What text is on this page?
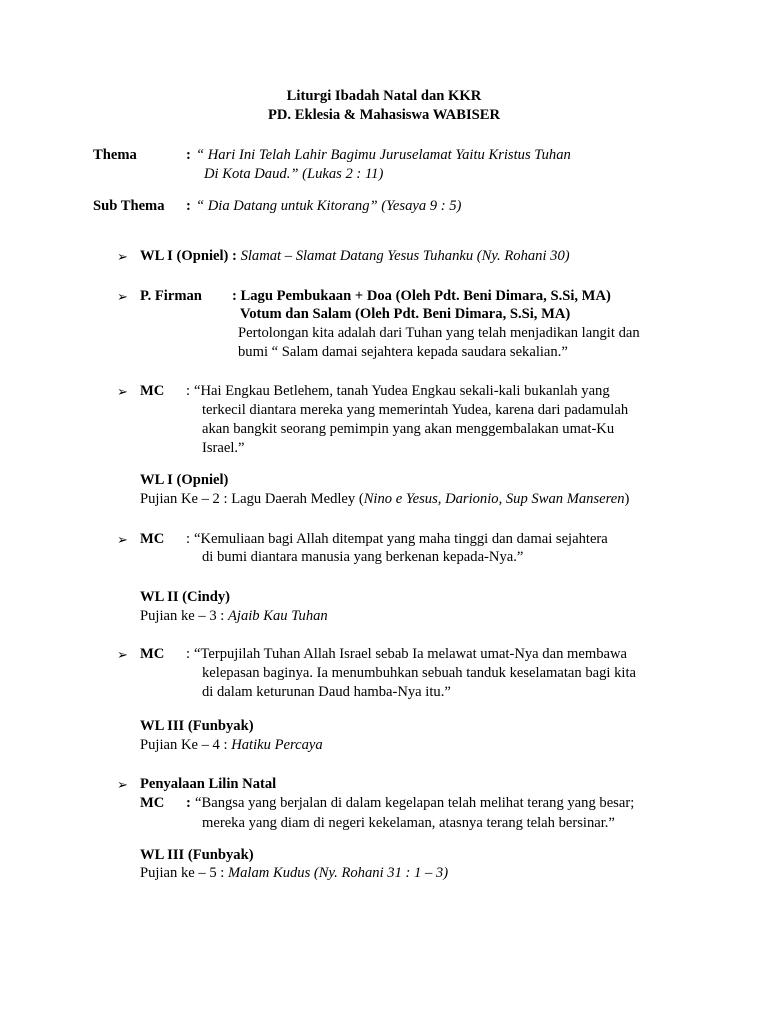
Liturgi Ibadah Natal dan KKR
PD. Eklesia & Mahasiswa WABISER
Thema	: “ Hari Ini Telah Lahir Bagimu Juruselamat Yaitu Kristus Tuhan
Di Kota Daud.” (Lukas 2 : 11)
Sub Thema : “ Dia Datang untuk Kitorang” (Yesaya 9 : 5)
➢ WL I (Opniel) : Slamat – Slamat Datang Yesus Tuhanku (Ny. Rohani 30)
➢ P. Firman : Lagu Pembukaan + Doa (Oleh Pdt. Beni Dimara, S.Si, MA)
Votum dan Salam (Oleh Pdt. Beni Dimara, S.Si, MA)
Pertolongan kita adalah dari Tuhan yang telah menjadikan langit dan
bumi “ Salam damai sejahtera kepada saudara sekalian.”
➢ MC : “Hai Engkau Betlehem, tanah Yudea Engkau sekali-kali bukanlah yang
terkecil diantara mereka yang memerintah Yudea, karena dari padamulah
akan bangkit seorang pemimpin yang akan menggembalakan umat-Ku
Israel.”
WL I (Opniel)
Pujian Ke – 2 : Lagu Daerah Medley (Nino e Yesus, Darionio, Sup Swan Manseren)
➢ MC : “Kemuliaan bagi Allah ditempat yang maha tinggi dan damai sejahtera
di bumi diantara manusia yang berkenan kepada-Nya.”
WL II (Cindy)
Pujian ke – 3 : Ajaib Kau Tuhan
➢ MC : “Terpujilah Tuhan Allah Israel sebab Ia melawat umat-Nya dan membawa
kelepasan baginya. Ia menumbuhkan sebuah tanduk keselamatan bagi kita
di dalam keturunan Daud hamba-Nya itu.”
WL III (Funbyak)
Pujian Ke – 4 : Hatiku Percaya
➢ Penyalaan Lilin Natal
MC : “Bangsa yang berjalan di dalam kegelapan telah melihat terang yang besar;
mereka yang diam di negeri kekelaman, atasnya terang telah bersinar.”
WL III (Funbyak)
Pujian ke – 5 : Malam Kudus (Ny. Rohani 31 : 1 – 3)
